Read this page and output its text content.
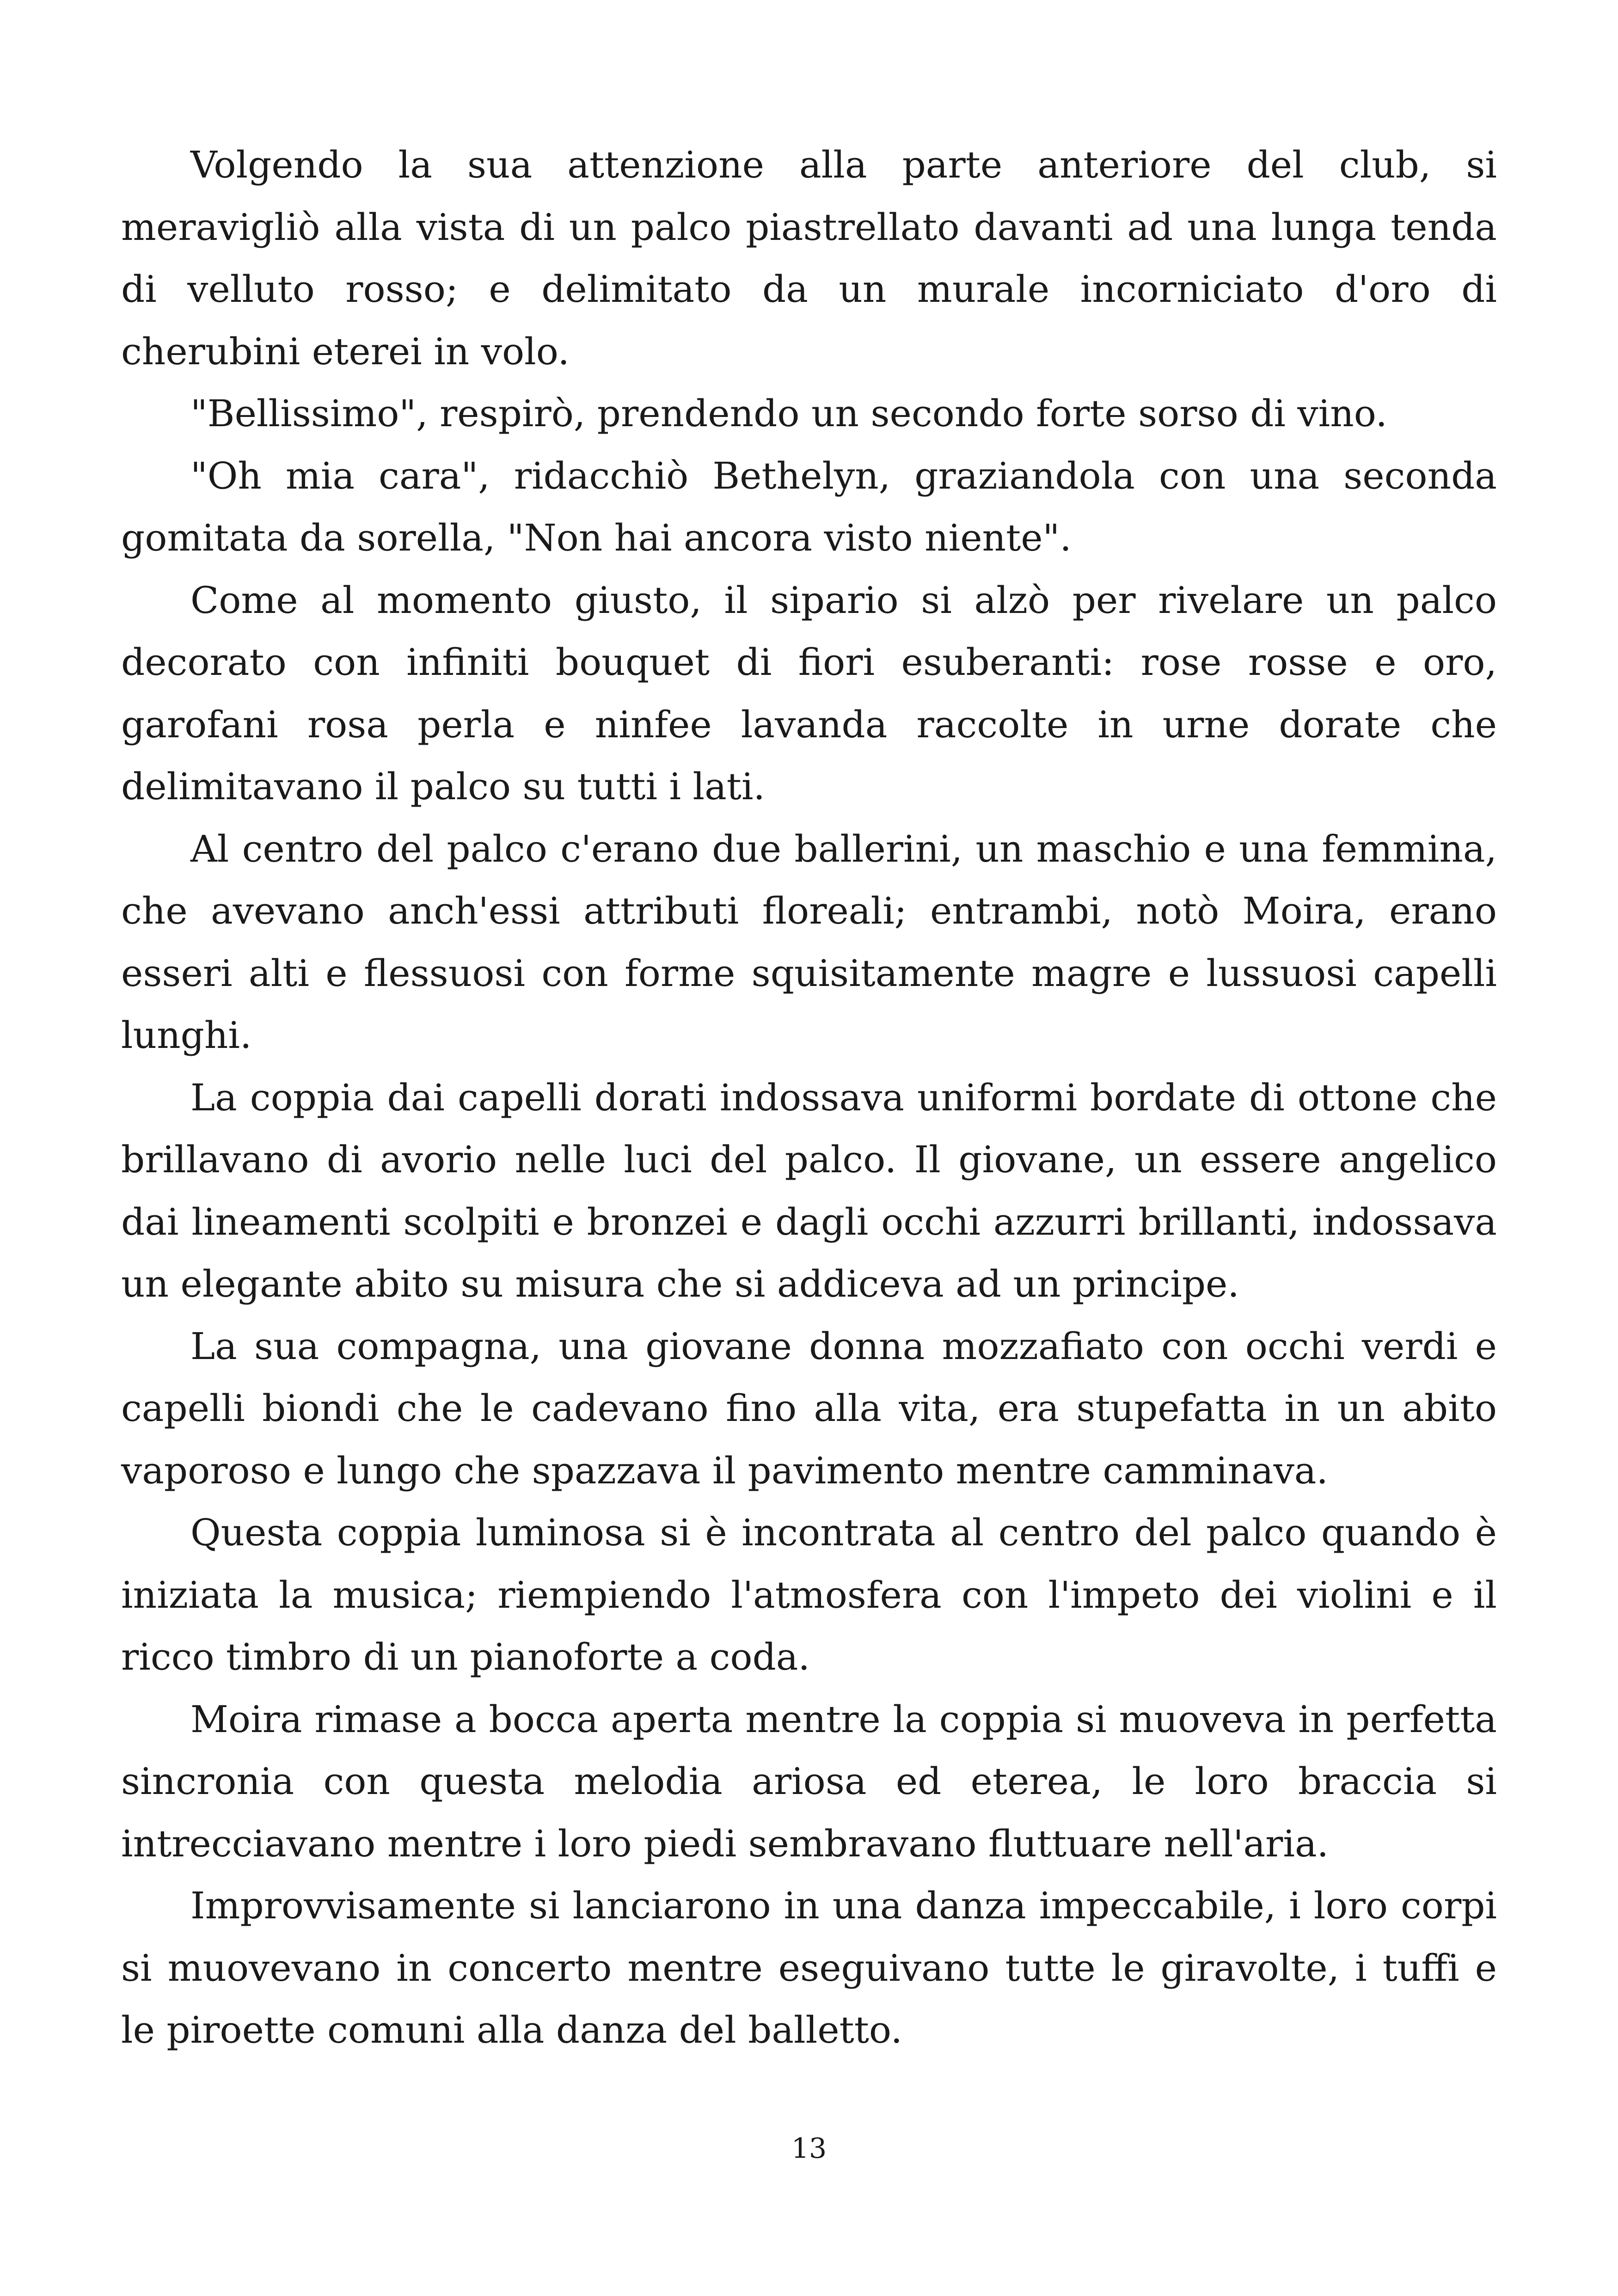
Volgendo la sua attenzione alla parte anteriore del club, si meravigliò alla vista di un palco piastrellato davanti ad una lunga tenda di velluto rosso; e delimitato da un murale incorniciato d'oro di cherubini eterei in volo.

"Bellissimo", respirò, prendendo un secondo forte sorso di vino.

"Oh mia cara", ridacchiò Bethelyn, graziandola con una seconda gomitata da sorella, "Non hai ancora visto niente".

Come al momento giusto, il sipario si alzò per rivelare un palco decorato con infiniti bouquet di fiori esuberanti: rose rosse e oro, garofani rosa perla e ninfee lavanda raccolte in urne dorate che delimitavano il palco su tutti i lati.

Al centro del palco c'erano due ballerini, un maschio e una femmina, che avevano anch'essi attributi floreali; entrambi, notò Moira, erano esseri alti e flessuosi con forme squisitamente magre e lussuosi capelli lunghi.

La coppia dai capelli dorati indossava uniformi bordate di ottone che brillavano di avorio nelle luci del palco. Il giovane, un essere angelico dai lineamenti scolpiti e bronzei e dagli occhi azzurri brillanti, indossava un elegante abito su misura che si addiceva ad un principe.

La sua compagna, una giovane donna mozzafiato con occhi verdi e capelli biondi che le cadevano fino alla vita, era stupefatta in un abito vaporoso e lungo che spazzava il pavimento mentre camminava.

Questa coppia luminosa si è incontrata al centro del palco quando è iniziata la musica; riempiendo l'atmosfera con l'impeto dei violini e il ricco timbro di un pianoforte a coda.

Moira rimase a bocca aperta mentre la coppia si muoveva in perfetta sincronia con questa melodia ariosa ed eterea, le loro braccia si intrecciavano mentre i loro piedi sembravano fluttuare nell'aria.

Improvvisamente si lanciarono in una danza impeccabile, i loro corpi si muovevano in concerto mentre eseguivano tutte le giravolte, i tuffi e le piroette comuni alla danza del balletto.

13
